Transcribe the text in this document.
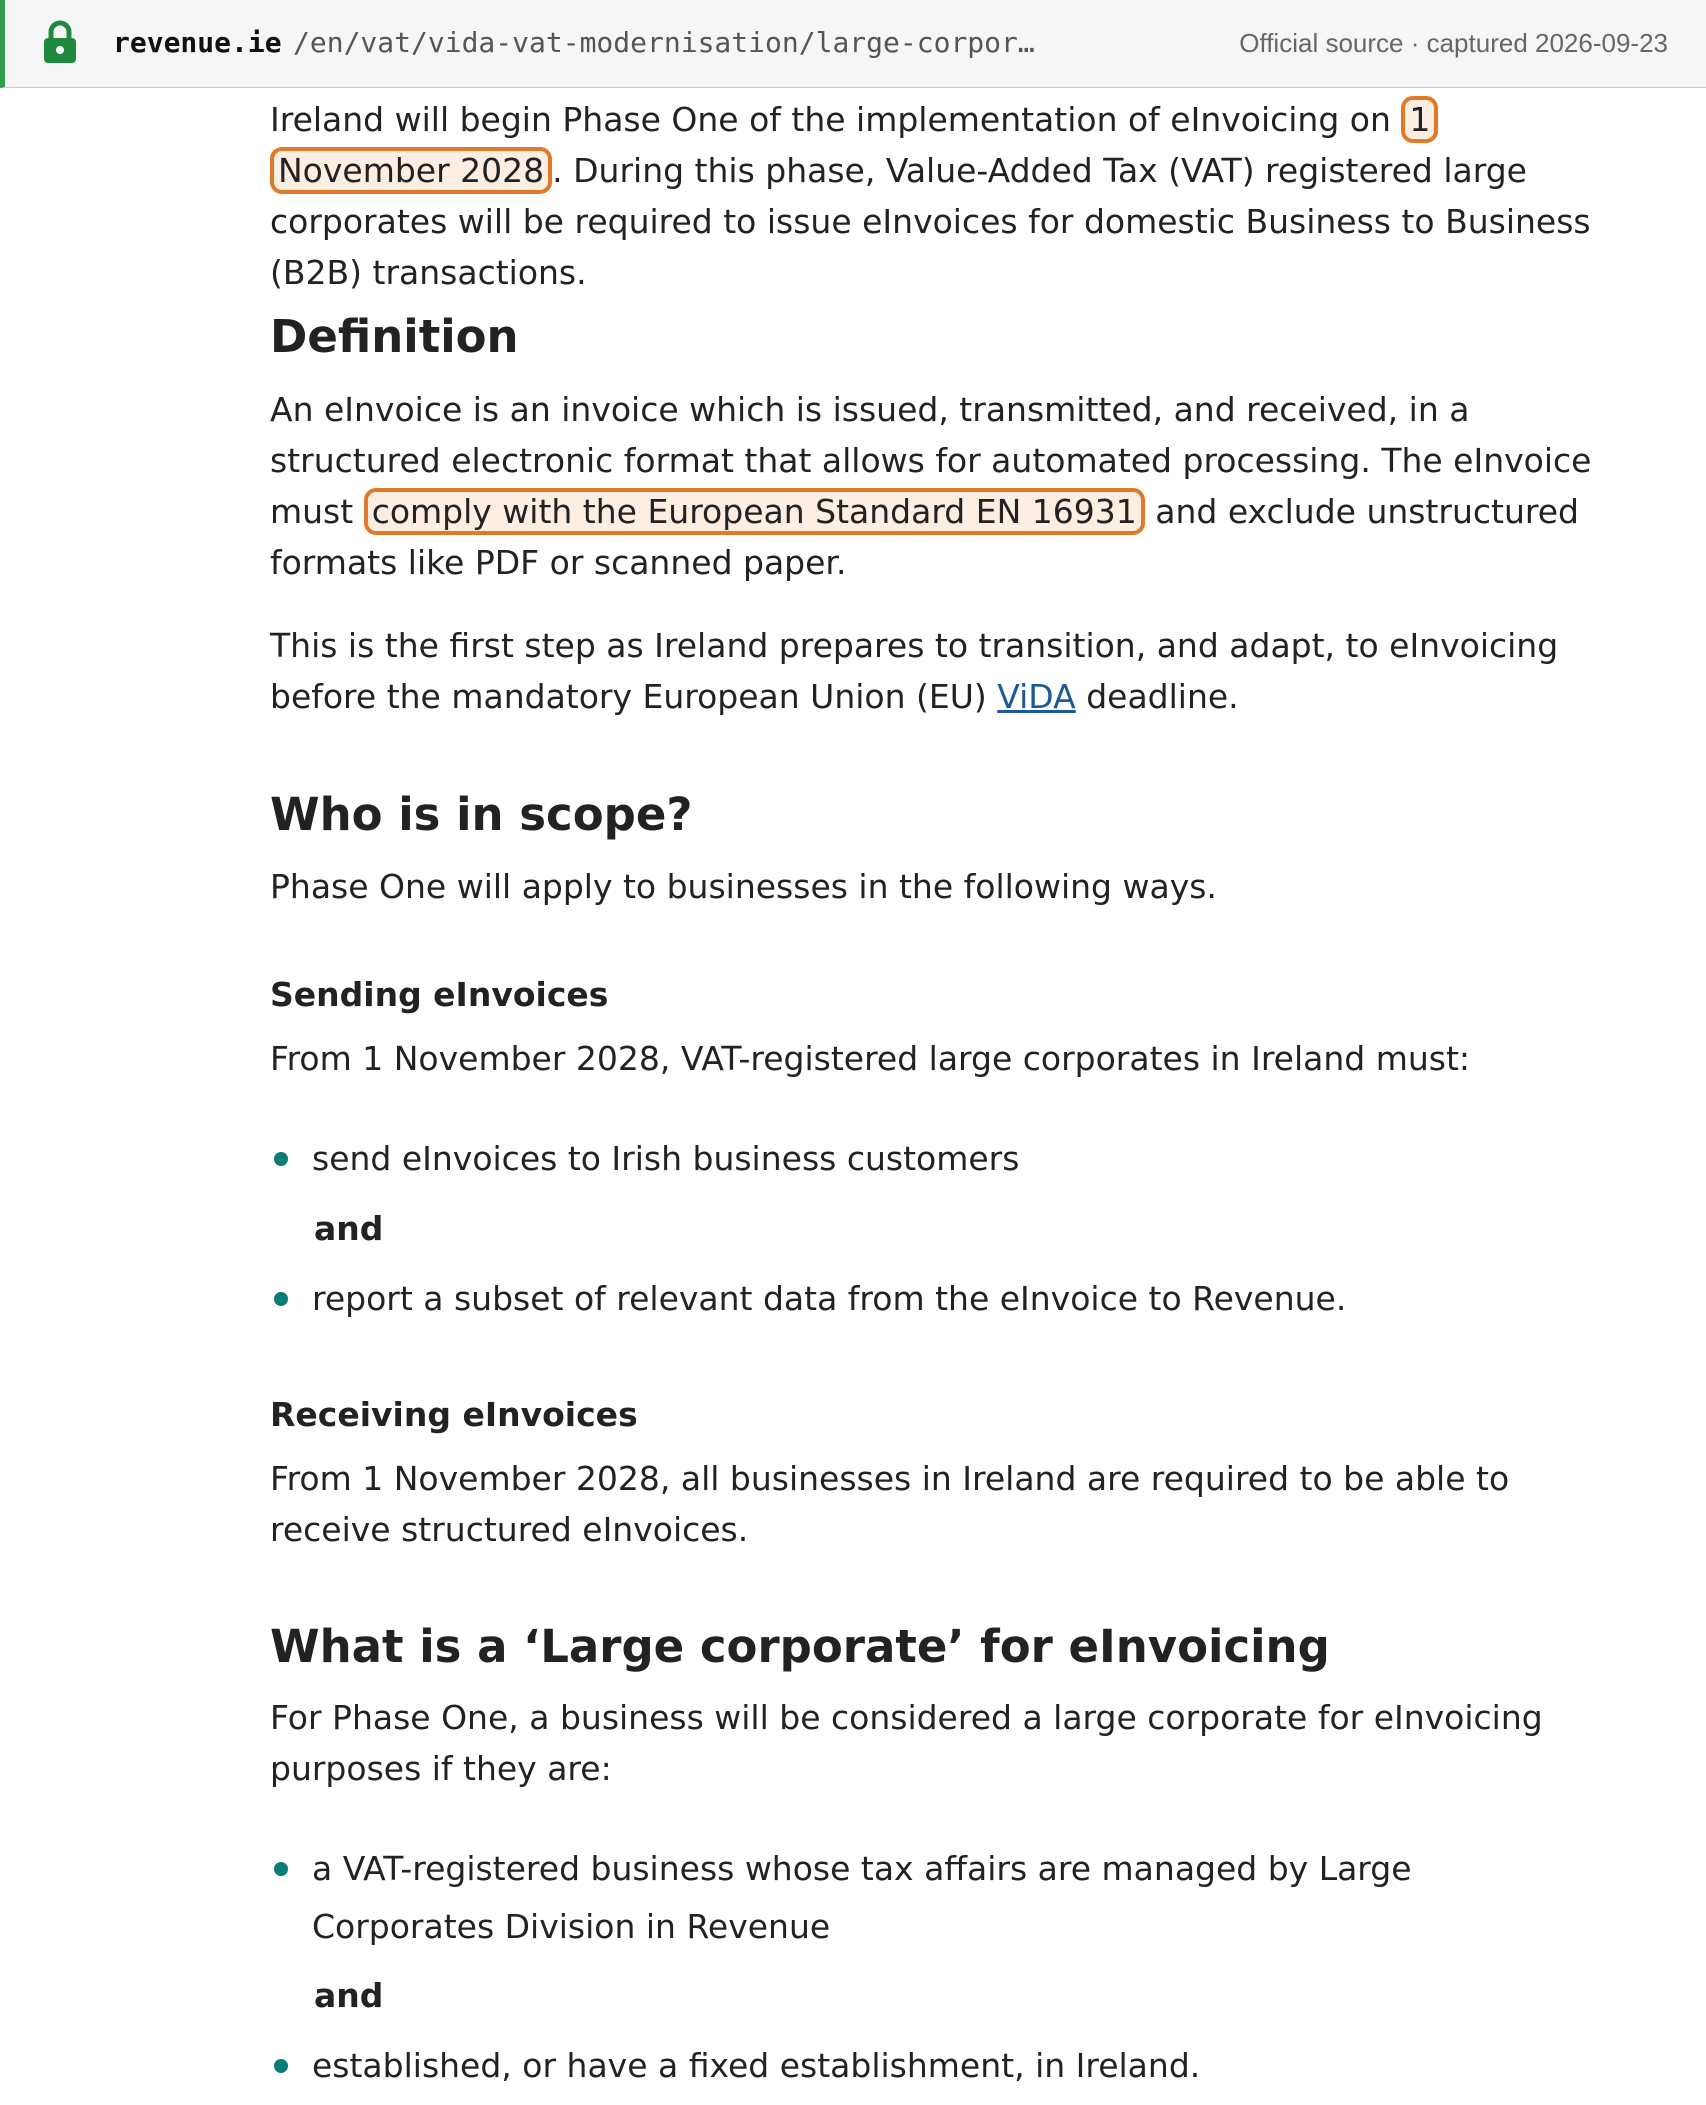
revenue.ie /en/vat/vida-vat-modernisation/large-corpor…	Official source · captured 2026-09-23

Ireland will begin Phase One of the implementation of eInvoicing on 1 November 2028 . During this phase, Value-Added Tax (VAT) registered large corporates will be required to issue eInvoices for domestic Business to Business (B2B) transactions.

Definition

An eInvoice is an invoice which is issued, transmitted, and received, in a structured electronic format that allows for automated processing. The eInvoice must comply with the European Standard EN 16931 and exclude unstructured formats like PDF or scanned paper.

This is the first step as Ireland prepares to transition, and adapt, to eInvoicing before the mandatory European Union (EU) ViDA deadline.

Who is in scope?

Phase One will apply to businesses in the following ways.

Sending eInvoices

From 1 November 2028, VAT-registered large corporates in Ireland must:

send eInvoices to Irish business customers

and

report a subset of relevant data from the eInvoice to Revenue.

Receiving eInvoices

From 1 November 2028, all businesses in Ireland are required to be able to receive structured eInvoices.

What is a ‘Large corporate’ for eInvoicing

For Phase One, a business will be considered a large corporate for eInvoicing purposes if they are:

a VAT-registered business whose tax affairs are managed by Large Corporates Division in Revenue

and

established, or have a fixed establishment, in Ireland.
